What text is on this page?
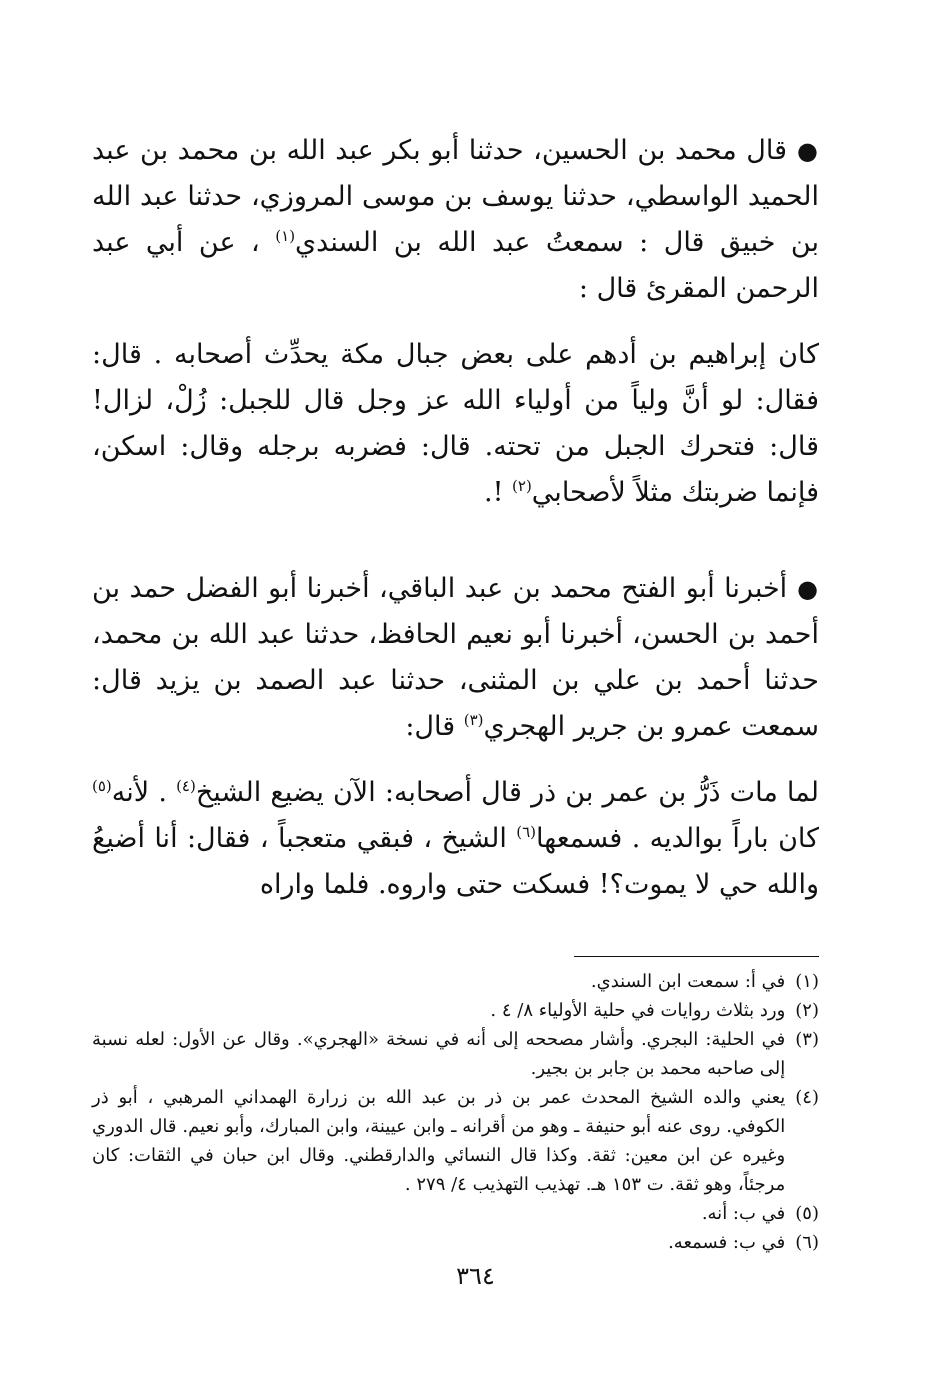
●قال محمد بن الحسين، حدثنا أبو بكر عبد الله بن محمد بن عبد الحميد الواسطي، حدثنا يوسف بن موسى المروزي، حدثنا عبد الله بن خبيق قال : سمعتُ عبد الله بن السندي$^{(١)}$ ، عن أبي عبد الرحمن المقرئ قال :

كان إبراهيم بن أدهم على بعض جبال مكة يحدِّث أصحابه . قال: فقال: لو أنَّ ولياً من أولياء الله عز وجل قال للجبل: زُلْ، لزال! قال: فتحرك الجبل من تحته. قال: فضربه برجله وقال: اسكن، فإنما ضربتك مثلاً لأصحابي$^{(٢)}$ !.

●أخبرنا أبو الفتح محمد بن عبد الباقي، أخبرنا أبو الفضل حمد بن أحمد بن الحسن، أخبرنا أبو نعيم الحافظ، حدثنا عبد الله بن محمد، حدثنا أحمد بن علي بن المثنى، حدثنا عبد الصمد بن يزيد قال: سمعت عمرو بن جرير الهجري$^{(٣)}$ قال:

لما مات ذَرُّ بن عمر بن ذر قال أصحابه: الآن يضيع الشيخ$^{(٤)}$ . لأنه$^{(٥)}$ كان باراً بوالديه . فسمعها$^{(٦)}$ الشيخ ، فبقي متعجباً ، فقال: أنا أضيعُ والله حي لا يموت؟! فسكت حتى واروه. فلما واراه

(١)
في أ: سمعت ابن السندي.
(٢)
ورد بثلاث روايات في حلية الأولياء ٨/ ٤ .
(٣)
في الحلية: البجري. وأشار مصححه إلى أنه في نسخة «الهجري». وقال عن الأول: لعله نسبة إلى صاحبه محمد بن جابر بن بجير.
(٤)
يعني والده الشيخ المحدث عمر بن ذر بن عبد الله بن زرارة الهمداني المرهبي ، أبو ذر الكوفي. روى عنه أبو حنيفة ـ وهو من أقرانه ـ وابن عيينة، وابن المبارك، وأبو نعيم. قال الدوري وغيره عن ابن معين: ثقة. وكذا قال النسائي والدارقطني. وقال ابن حبان في الثقات: كان مرجئاً، وهو ثقة. ت ١٥٣ هـ. تهذيب التهذيب ٤/ ٢٧٩ .
(٥)
في ب: أنه.
(٦)
في ب: فسمعه.
٣٦٤
